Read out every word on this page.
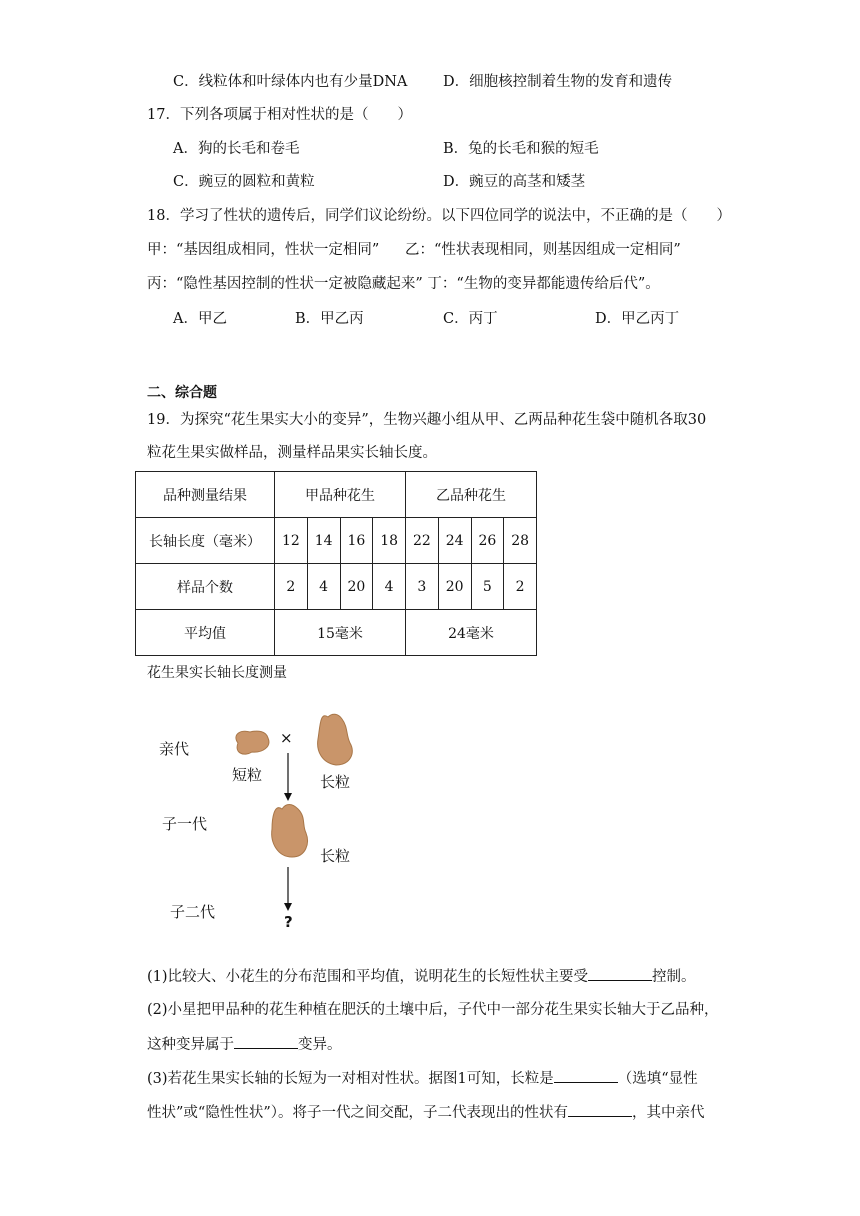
C．线粒体和叶绿体内也有少量DNA D．细胞核控制着生物的发育和遗传
17．下列各项属于相对性状的是（　　）
A．狗的长毛和卷毛	B．兔的长毛和猴的短毛
C．豌豆的圆粒和黄粒	D．豌豆的高茎和矮茎
18．学习了性状的遗传后，同学们议论纷纷。以下四位同学的说法中，不正确的是（　　）
甲：“基因组成相同，性状一定相同” 乙：“性状表现相同，则基因组成一定相同”
丙：“隐性基因控制的性状一定被隐藏起来” 丁：“生物的变异都能遗传给后代”。
A．甲乙	B．甲乙丙	C．丙丁	D．甲乙丙丁
二、综合题
19．为探究“花生果实大小的变异”，生物兴趣小组从甲、乙两品种花生袋中随机各取30
粒花生果实做样品，测量样品果实长轴长度。
品种测量结果	甲品种花生				乙品种花生			
长轴长度（毫米）	12	14	16	18	22	24	26	28
样品个数	2	4	20	4	3	20	5	2
平均值	15毫米				24毫米			
花生果实长轴长度测量
亲代
短粒
×
长粒
子一代
长粒
子二代
?
(1)比较大、小花生的分布范围和平均值，说明花生的长短性状主要受	控制。
(2)小星把甲品种的花生种植在肥沃的土壤中后，子代中一部分花生果实长轴大于乙品种，
这种变异属于	变异。
(3)若花生果实长轴的长短为一对相对性状。据图1可知，长粒是	（选填“显性
性状”或“隐性性状”）。将子一代之间交配，子二代表现出的性状有	，其中亲代
